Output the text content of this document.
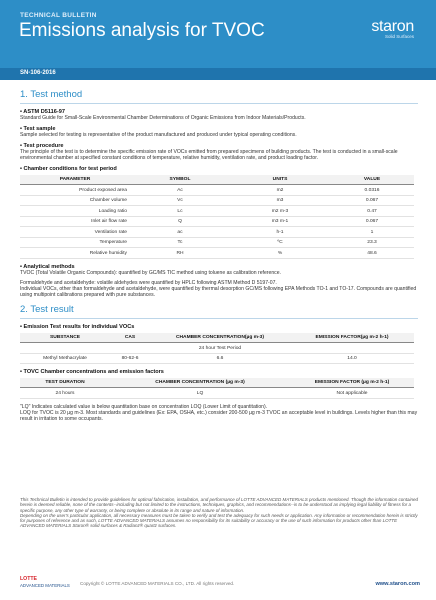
TECHNICAL BULLETIN
Emissions analysis for TVOC	staron
Solid Surfaces
SN-106-2016
1. Test method
• ASTM D5116-97

Standard Guide for Small-Scale Environmental Chamber Determinations of Organic Emissions from Indoor Materials/Products.

• Test sample

Sample selected for testing is representative of the product manufactured and produced under typical operating conditions.

• Test procedure

The principle of the test is to determine the specific emission rate of VOCs emitted from prepared specimens of building products. The test is conducted in a small-scale environmental chamber at specified constant conditions of temperature, relative humidity, ventilation rate, and product loading factor.

• Chamber conditions for test period
PARAMETER	SYMBOL	UNITS	VALUE
Product exposed area	Ac	m2	0.0316
Chamber volume	Vc	m3	0.067
Loading ratio	Lc	m2 m-3	0.47
Inlet air flow rate	Q	m3 m-1	0.067
Ventilation rate	ac	h-1	1
Temperature	Tc	ºC	23.3
Relative humidity	RH	%	48.6
• Analytical methods

TVOC (Total Volatile Organic Compounds): quantified by GC/MS TIC method using toluene as calibration reference.

Formaldehyde and acetaldehyde: volatile aldehydes were quantified by HPLC following ASTM Method D 5197-07.
Individual VOCs, other than formaldehyde and acetaldehyde, were quantified by thermal desorption GC/MS following EPA Methods TO-1 and TO-17. Compounds are quantified using multipoint calibrations prepared with pure substances.

2. Test result
• Emission Test results for individual VOCs
SUBSTANCE	CAS	CHAMBER CONCENTRATION(µg m-3)	EMISSION FACTOR(µg m-2 h-1)
		24 hour Test Period	
Methyl Methacrylate	80-62-6	6.6	14.0
• TOVC Chamber concentrations and emission factors
TEST DURATION	CHAMBER CONCENTRATION (µg m-3)	EMISSION FACTOR (µg m-2 h-1)
24 hours	LQ	Not applicable

"LQ" Indicates calculated value is below quantitation base on concentration LOQ (Lower Limit of quantitation).
LOQ for TVOC is 20 µg m-3. Most standards and guidelines (Ex: EPA, OSHA, etc.) consider 200-500 µg m-3 TVOC an acceptable level in buildings. Levels higher than this may result in irritation to some occupants.

This Technical Bulletin is intended to provide guidelines for optimal fabrication, installation, and performance of LOTTE ADVANCED MATERIALS products mentioned. Though the information contained herein is deemed reliable, none of the contents--including but not limited to the instructions, techniques, graphics, and recommendations--is to be understood as implying legal liability of fitness for a specific purpose, any other type of warranty, or being complete or absolute in its range and nature of information.

Depending on the user's particular application, all necessary measures must be taken to verify and test the adequacy for such needs or application. Any information or recommendation herein is strictly for purposes of reference and as such, LOTTE ADVANCED MATERIALS assumes no responsibility for its suitability or accuracy or the use of such information for products other than LOTTE ADVANCED MATERIALS Staron® solid surfaces & Radianz® quartz surfaces.

LOTTE
ADVANCED MATERIALS Copyright © LOTTE ADVANCED MATERIALS CO., LTD. All rights reserved.	www.staron.com
